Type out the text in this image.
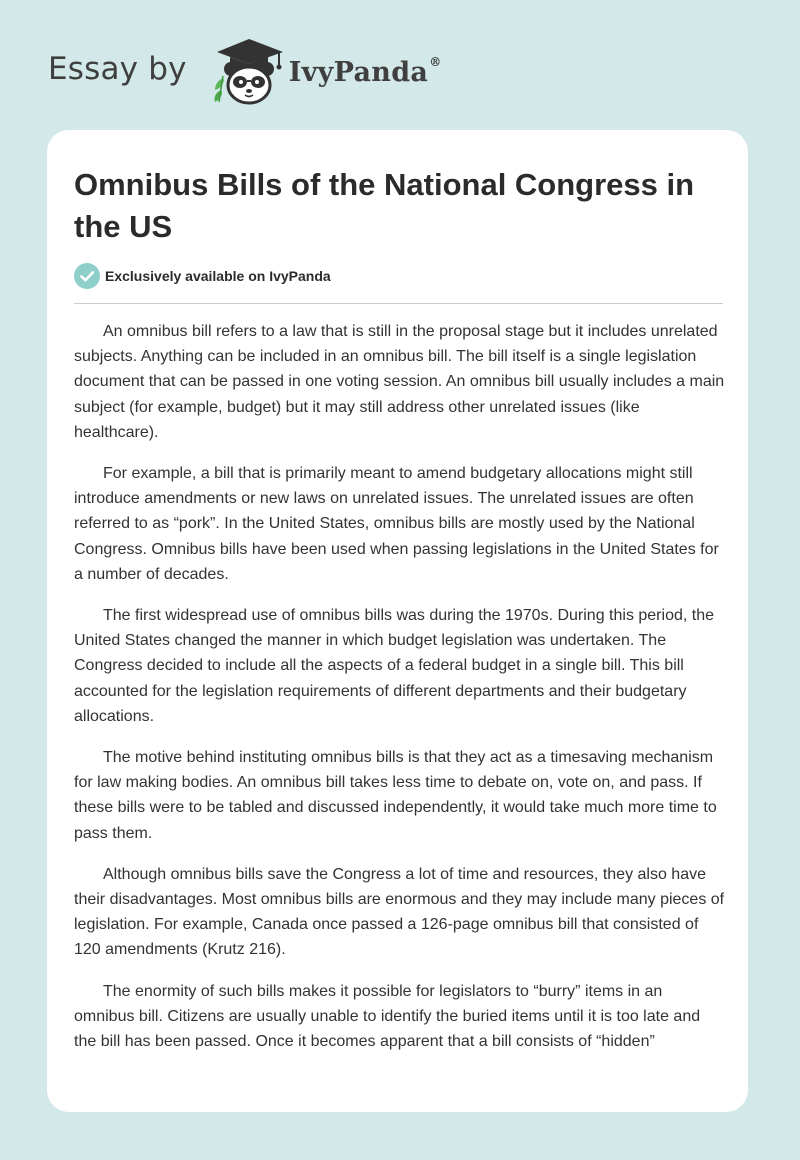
Essay by	IvyPanda®
Omnibus Bills of the National Congress in the US
Exclusively available on IvyPanda

An omnibus bill refers to a law that is still in the proposal stage but it includes unrelated subjects. Anything can be included in an omnibus bill. The bill itself is a single legislation document that can be passed in one voting session. An omnibus bill usually includes a main subject (for example, budget) but it may still address other unrelated issues (like healthcare).

For example, a bill that is primarily meant to amend budgetary allocations might still introduce amendments or new laws on unrelated issues. The unrelated issues are often referred to as “pork”. In the United States, omnibus bills are mostly used by the National Congress. Omnibus bills have been used when passing legislations in the United States for a number of decades.

The first widespread use of omnibus bills was during the 1970s. During this period, the United States changed the manner in which budget legislation was undertaken. The Congress decided to include all the aspects of a federal budget in a single bill. This bill accounted for the legislation requirements of different departments and their budgetary allocations.

The motive behind instituting omnibus bills is that they act as a timesaving mechanism for law making bodies. An omnibus bill takes less time to debate on, vote on, and pass. If these bills were to be tabled and discussed independently, it would take much more time to pass them.

Although omnibus bills save the Congress a lot of time and resources, they also have their disadvantages. Most omnibus bills are enormous and they may include many pieces of legislation. For example, Canada once passed a 126-page omnibus bill that consisted of 120 amendments (Krutz 216).

The enormity of such bills makes it possible for legislators to “burry” items in an omnibus bill. Citizens are usually unable to identify the buried items until it is too late and the bill has been passed. Once it becomes apparent that a bill consists of “hidden”
